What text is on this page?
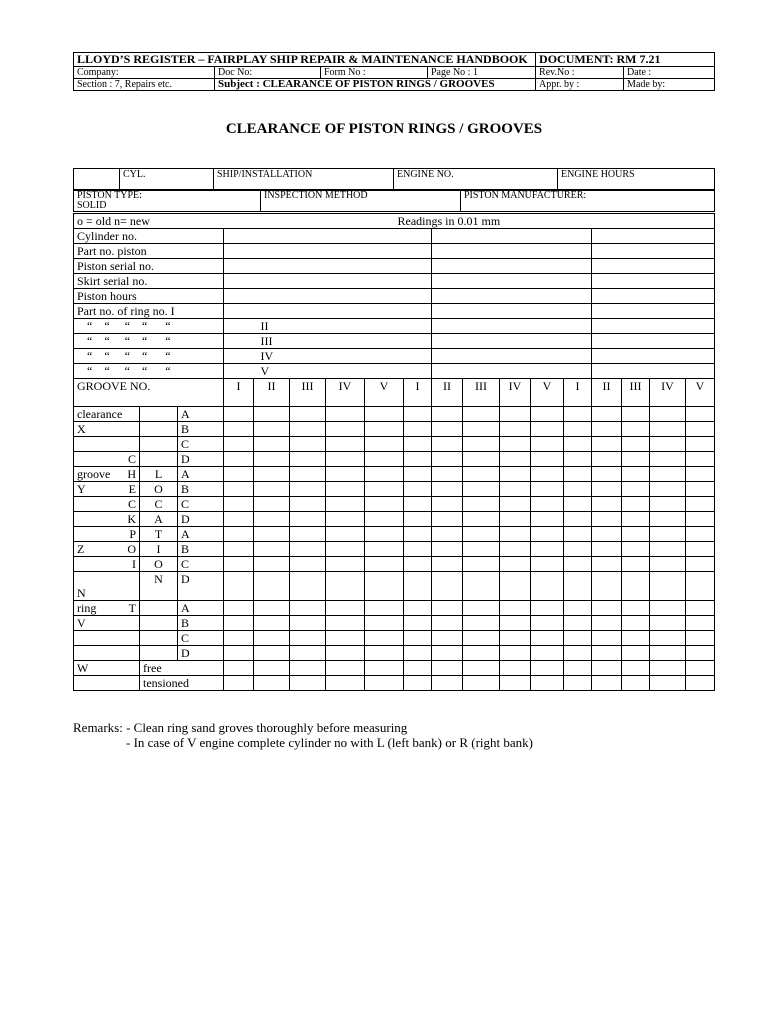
LLOYD’S REGISTER – FAIRPLAY SHIP REPAIR & MAINTENANCE HANDBOOK				DOCUMENT: RM 7.21	
Company:	Doc No:	Form No :	Page No : 1	Rev.No :	Date :
Section : 7, Repairs etc.	Subject : CLEARANCE OF PISTON RINGS / GROOVES			Appr. by :	Made by:
CLEARANCE OF PISTON RINGS / GROOVES
	CYL.	SHIP/INSTALLATION	ENGINE NO.	ENGINE HOURS
PISTON TYPE:
SOLID
	INSPECTION METHOD	PISTON MANUFACTURER:
o = old n= new Readings in 0.01 mm																	

Cylinder no.																	
Part no. piston																	
Piston serial no.																	
Skirt serial no.																	
Piston hours																	
Part no. of ring no. I																	
“    “     “    “      “ II																	

“    “     “    “      “ III																	

“    “     “    “      “ IV																	

“    “     “    “      “ V																	

GROOVE NO.			I	II	III	IV	V	I	II	III	IV	V	I	II	III	IV	V
clearance		A															
X		B															
		C															
C		D															
groove H	L	A															
Y E	O	B															
C	C	C															
K	A	D															
P	T	A															
Z O	I	B															
I	O	C															
N	N	D															
ring T		A															
V		B															
		C															
		D															
W	free																
	tensioned																
Remarks: - Clean ring sand groves thoroughly before measuring
- In case of V engine complete cylinder no with L (left bank) or R (right bank)
